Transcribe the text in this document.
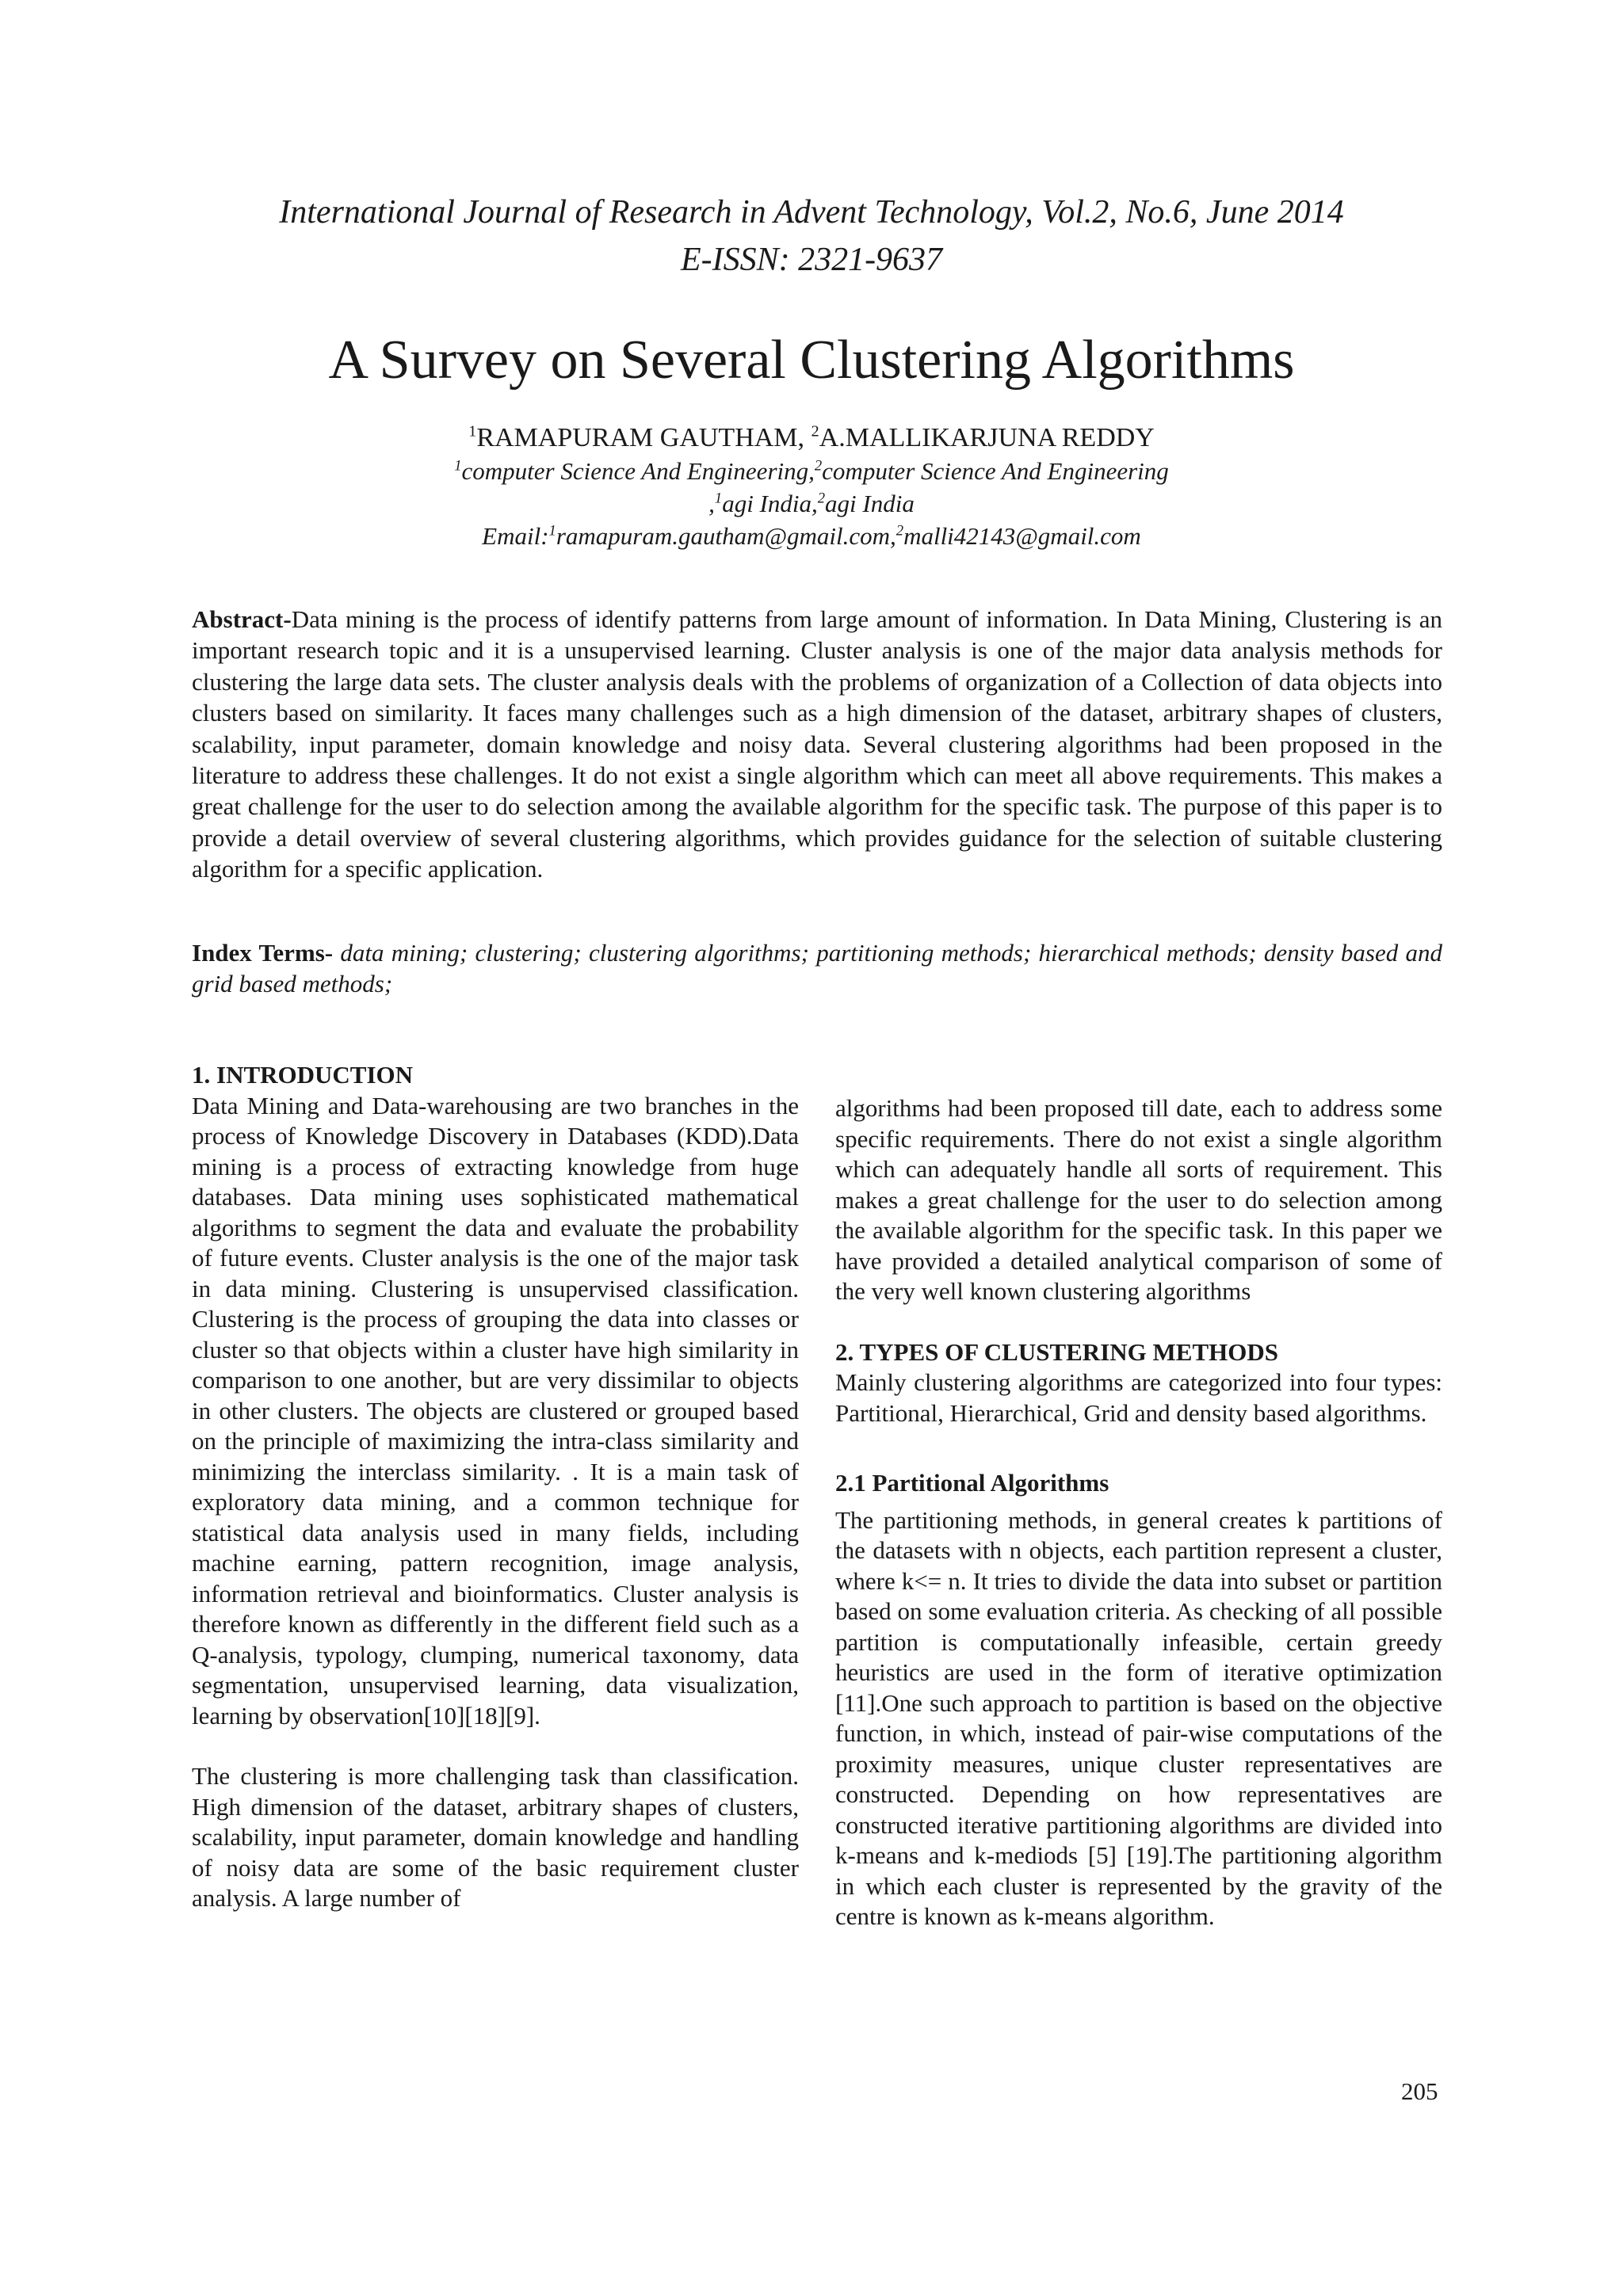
International Journal of Research in Advent Technology, Vol.2, No.6, June 2014
E-ISSN: 2321-9637
A Survey on Several Clustering Algorithms
$^1$RAMAPURAM GAUTHAM, $^2$A.MALLIKARJUNA REDDY
$^1$computer Science And Engineering,$^2$computer Science And Engineering
,$^1$agi India,$^2$agi India
Email:$^1$ramapuram.gautham@gmail.com,$^2$malli42143@gmail.com
Abstract-Data mining is the process of identify patterns from large amount of information. In Data Mining, Clustering is an important research topic and it is a unsupervised learning. Cluster analysis is one of the major data analysis methods for clustering the large data sets. The cluster analysis deals with the problems of organization of a Collection of data objects into clusters based on similarity. It faces many challenges such as a high dimension of the dataset, arbitrary shapes of clusters, scalability, input parameter, domain knowledge and noisy data. Several clustering algorithms had been proposed in the literature to address these challenges. It do not exist a single algorithm which can meet all above requirements. This makes a great challenge for the user to do selection among the available algorithm for the specific task. The purpose of this paper is to provide a detail overview of several clustering algorithms, which provides guidance for the selection of suitable clustering algorithm for a specific application.
Index Terms- data mining; clustering; clustering algorithms; partitioning methods; hierarchical methods; density based and grid based methods;

1. INTRODUCTION

Data Mining and Data-warehousing are two branches in the process of Knowledge Discovery in Databases (KDD).Data mining is a process of extracting knowledge from huge databases. Data mining uses sophisticated mathematical algorithms to segment the data and evaluate the probability of future events. Cluster analysis is the one of the major task in data mining. Clustering is unsupervised classification. Clustering is the process of grouping the data into classes or cluster so that objects within a cluster have high similarity in comparison to one another, but are very dissimilar to objects in other clusters. The objects are clustered or grouped based on the principle of maximizing the intra-class similarity and minimizing the interclass similarity. . It is a main task of exploratory data mining, and a common technique for statistical data analysis used in many fields, including machine earning, pattern recognition, image analysis, information retrieval and bioinformatics. Cluster analysis is therefore known as differently in the different field such as a Q-analysis, typology, clumping, numerical taxonomy, data segmentation, unsupervised learning, data visualization, learning by observation[10][18][9].

The clustering is more challenging task than classification. High dimension of the dataset, arbitrary shapes of clusters, scalability, input parameter, domain knowledge and handling of noisy data are some of the basic requirement cluster analysis. A large number of

algorithms had been proposed till date, each to address some specific requirements. There do not exist a single algorithm which can adequately handle all sorts of requirement. This makes a great challenge for the user to do selection among the available algorithm for the specific task. In this paper we have provided a detailed analytical comparison of some of the very well known clustering algorithms

2. TYPES OF CLUSTERING METHODS

Mainly clustering algorithms are categorized into four types: Partitional, Hierarchical, Grid and density based algorithms.

2.1 Partitional Algorithms

The partitioning methods, in general creates k partitions of the datasets with n objects, each partition represent a cluster, where k<= n. It tries to divide the data into subset or partition based on some evaluation criteria. As checking of all possible partition is computationally infeasible, certain greedy heuristics are used in the form of iterative optimization [11].One such approach to partition is based on the objective function, in which, instead of pair-wise computations of the proximity measures, unique cluster representatives are constructed. Depending on how representatives are constructed iterative partitioning algorithms are divided into k-means and k-mediods [5] [19].The partitioning algorithm in which each cluster is represented by the gravity of the centre is known as k-means algorithm.

205
